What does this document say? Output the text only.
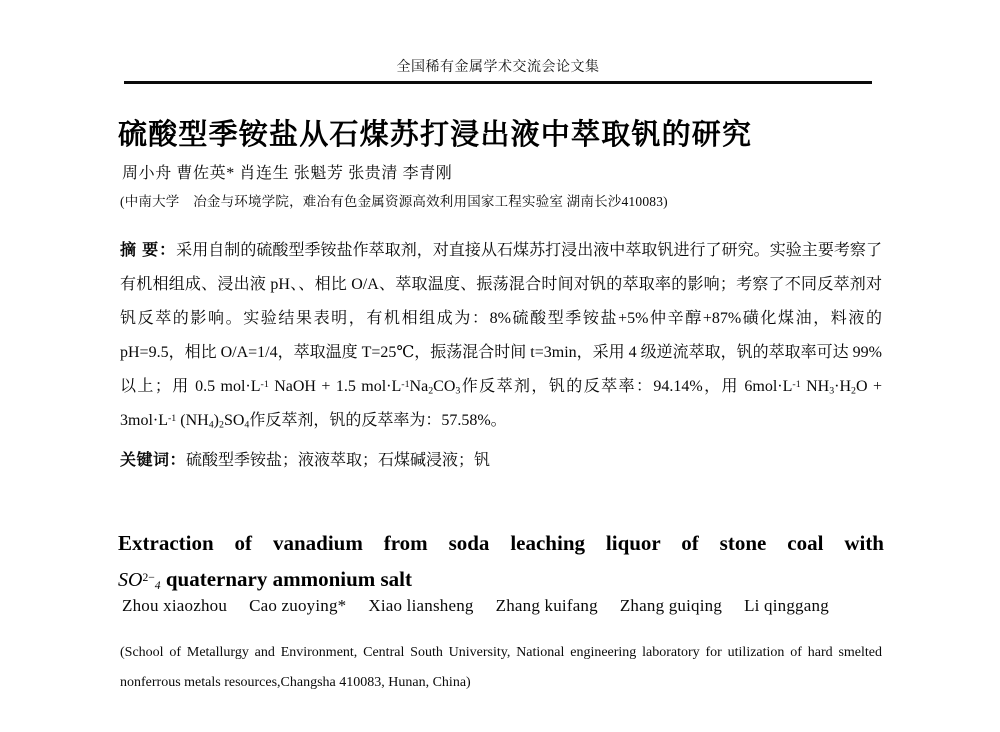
全国稀有金属学术交流会论文集
硫酸型季铵盐从石煤苏打浸出液中萃取钒的研究
周小舟 曹佐英* 肖连生 张魁芳 张贵清 李青刚
(中南大学　冶金与环境学院，难冶有色金属资源高效利用国家工程实验室 湖南长沙410083)
摘 要：采用自制的硫酸型季铵盐作萃取剂，对直接从石煤苏打浸出液中萃取钒进行了研究。实验主要考察了有机相组成、浸出液 pH、、相比 O/A、萃取温度、振荡混合时间对钒的萃取率的影响；考察了不同反萃剂对钒反萃的影响。实验结果表明，有机相组成为：8%硫酸型季铵盐+5%仲辛醇+87%磺化煤油，料液的 pH=9.5，相比 O/A=1/4，萃取温度 T=25℃，振荡混合时间 t=3min，采用 4 级逆流萃取，钒的萃取率可达 99%以上；用 0.5 $mol\cdot L^{-1}$ NaOH + 1.5 $mol\cdot L^{-1}Na_2CO_3$作反萃剂，钒的反萃率：94.14%，用 $6mol\cdot L^{-1}$ $NH_3\cdot H_2O + 3mol\cdot L^{-1}$ $(NH_4)_2SO_4$作反萃剂，钒的反萃率为：57.58%。
关键词：硫酸型季铵盐；液液萃取；石煤碱浸液；钒
Extraction of vanadium from soda leaching liquor of stone coal with
$SO^{2-}_4$ quaternary ammonium salt
Zhou xiaozhou Cao zuoying* Xiao liansheng Zhang kuifang Zhang guiqing Li qinggang
(School of Metallurgy and Environment, Central South University, National engineering laboratory for utilization of hard smelted nonferrous metals resources,Changsha 410083, Hunan, China)
